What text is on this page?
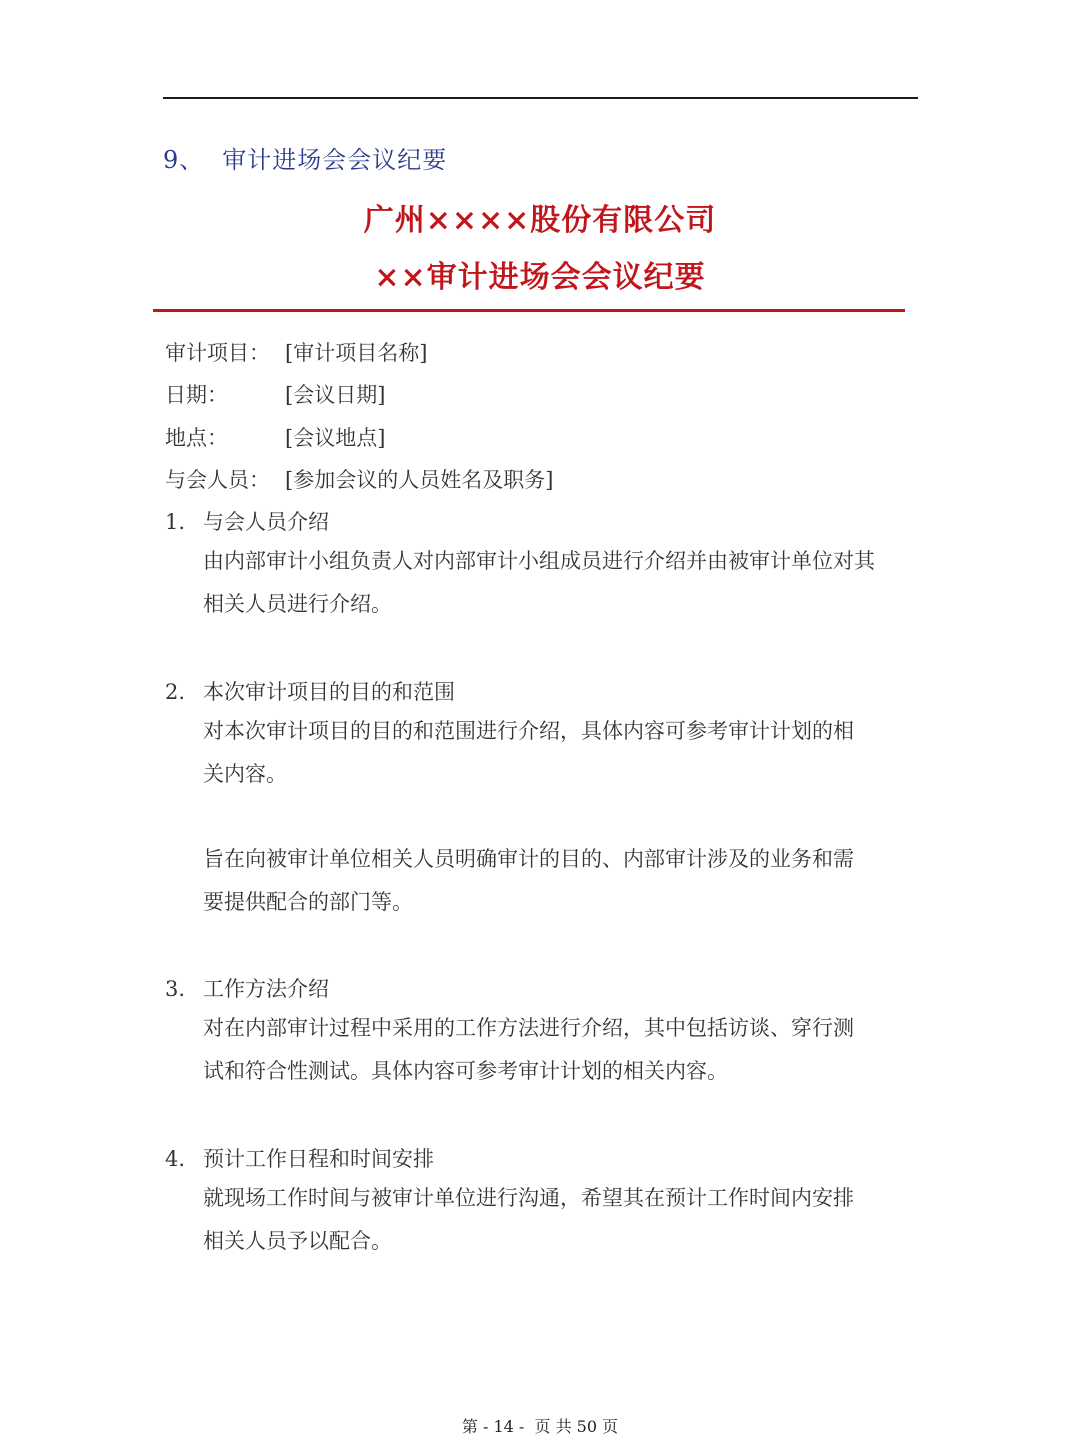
9、 审计进场会会议纪要
广州××××股份有限公司
××审计进场会会议纪要
审计项目： [审计项目名称]
日期：	[会议日期]
地点：	[会议地点]
与会人员： [参加会议的人员姓名及职务]
1. 与会人员介绍
由内部审计小组负责人对内部审计小组成员进行介绍并由被审计单位对其
相关人员进行介绍。
2. 本次审计项目的目的和范围
对本次审计项目的目的和范围进行介绍，具体内容可参考审计计划的相
关内容。
旨在向被审计单位相关人员明确审计的目的、内部审计涉及的业务和需
要提供配合的部门等。
3. 工作方法介绍
对在内部审计过程中采用的工作方法进行介绍，其中包括访谈、穿行测
试和符合性测试。具体内容可参考审计计划的相关内容。
4. 预计工作日程和时间安排
就现场工作时间与被审计单位进行沟通，希望其在预计工作时间内安排
相关人员予以配合。
第 - 14 -  页 共 50 页
